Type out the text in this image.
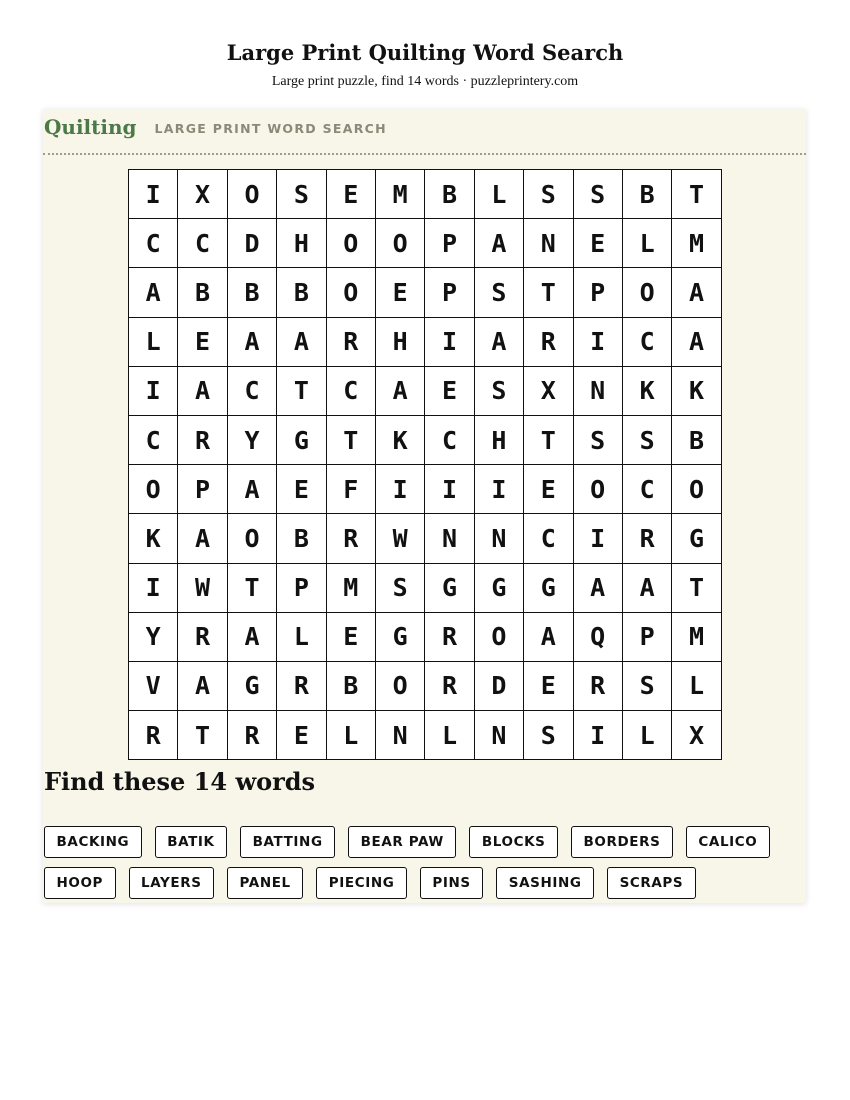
Large Print Quilting Word Search
Large print puzzle, find 14 words · puzzleprintery.com
Quilting LARGE PRINT WORD SEARCH
I	X	O	S	E	M	B	L	S	S	B	T
C	C	D	H	O	O	P	A	N	E	L	M
A	B	B	B	O	E	P	S	T	P	O	A
L	E	A	A	R	H	I	A	R	I	C	A
I	A	C	T	C	A	E	S	X	N	K	K
C	R	Y	G	T	K	C	H	T	S	S	B
O	P	A	E	F	I	I	I	E	O	C	O
K	A	O	B	R	W	N	N	C	I	R	G
I	W	T	P	M	S	G	G	G	A	A	T
Y	R	A	L	E	G	R	O	A	Q	P	M
V	A	G	R	B	O	R	D	E	R	S	L
R	T	R	E	L	N	L	N	S	I	L	X
Find these 14 words
BACKING	BATIK	BATTING	BEAR PAW	BLOCKS	BORDERS	CALICO
HOOP	LAYERS	PANEL	PIECING	PINS	SASHING	SCRAPS
